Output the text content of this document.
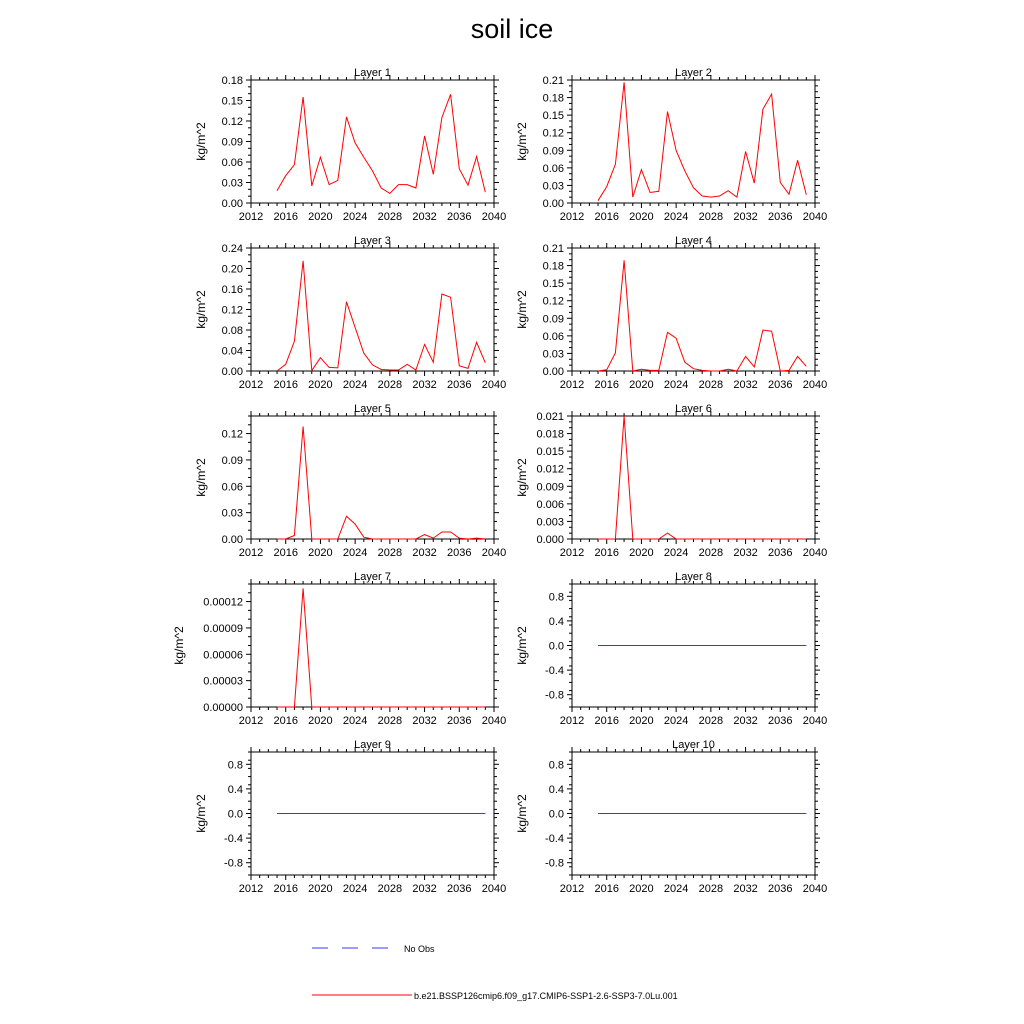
soil ice
Layer 1
2012 2016 2020 2024 2028 2032 2036 2040
0.00
0.03
0.06
0.09
0.12
0.15
0.18
kg/m^2
Layer 2
2012 2016 2020 2024 2028 2032 2036 2040
0.00
0.03
0.06
0.09
0.12
0.15
0.18
0.21
kg/m^2
Layer 3
2012 2016 2020 2024 2028 2032 2036 2040
0.00
0.04
0.08
0.12
0.16
0.20
0.24
kg/m^2
Layer 4
2012 2016 2020 2024 2028 2032 2036 2040
0.00
0.03
0.06
0.09
0.12
0.15
0.18
0.21
kg/m^2
Layer 5
2012 2016 2020 2024 2028 2032 2036 2040
0.00
0.03
0.06
0.09
0.12
kg/m^2
Layer 6
2012 2016 2020 2024 2028 2032 2036 2040
0.000
0.003
0.006
0.009
0.012
0.015
0.018
0.021
kg/m^2
Layer 7
2012 2016 2020 2024 2028 2032 2036 2040
0.00000
0.00003
0.00006
0.00009
0.00012
kg/m^2
Layer 8
2012 2016 2020 2024 2028 2032 2036 2040
-0.8
-0.4
0.0
0.4
0.8
kg/m^2
Layer 9
2012 2016 2020 2024 2028 2032 2036 2040
-0.8
-0.4
0.0
0.4
0.8
kg/m^2
Layer 10
2012 2016 2020 2024 2028 2032 2036 2040
-0.8
-0.4
0.0
0.4
0.8
kg/m^2
No Obs
b.e21.BSSP126cmip6.f09_g17.CMIP6-SSP1-2.6-SSP3-7.0Lu.001
